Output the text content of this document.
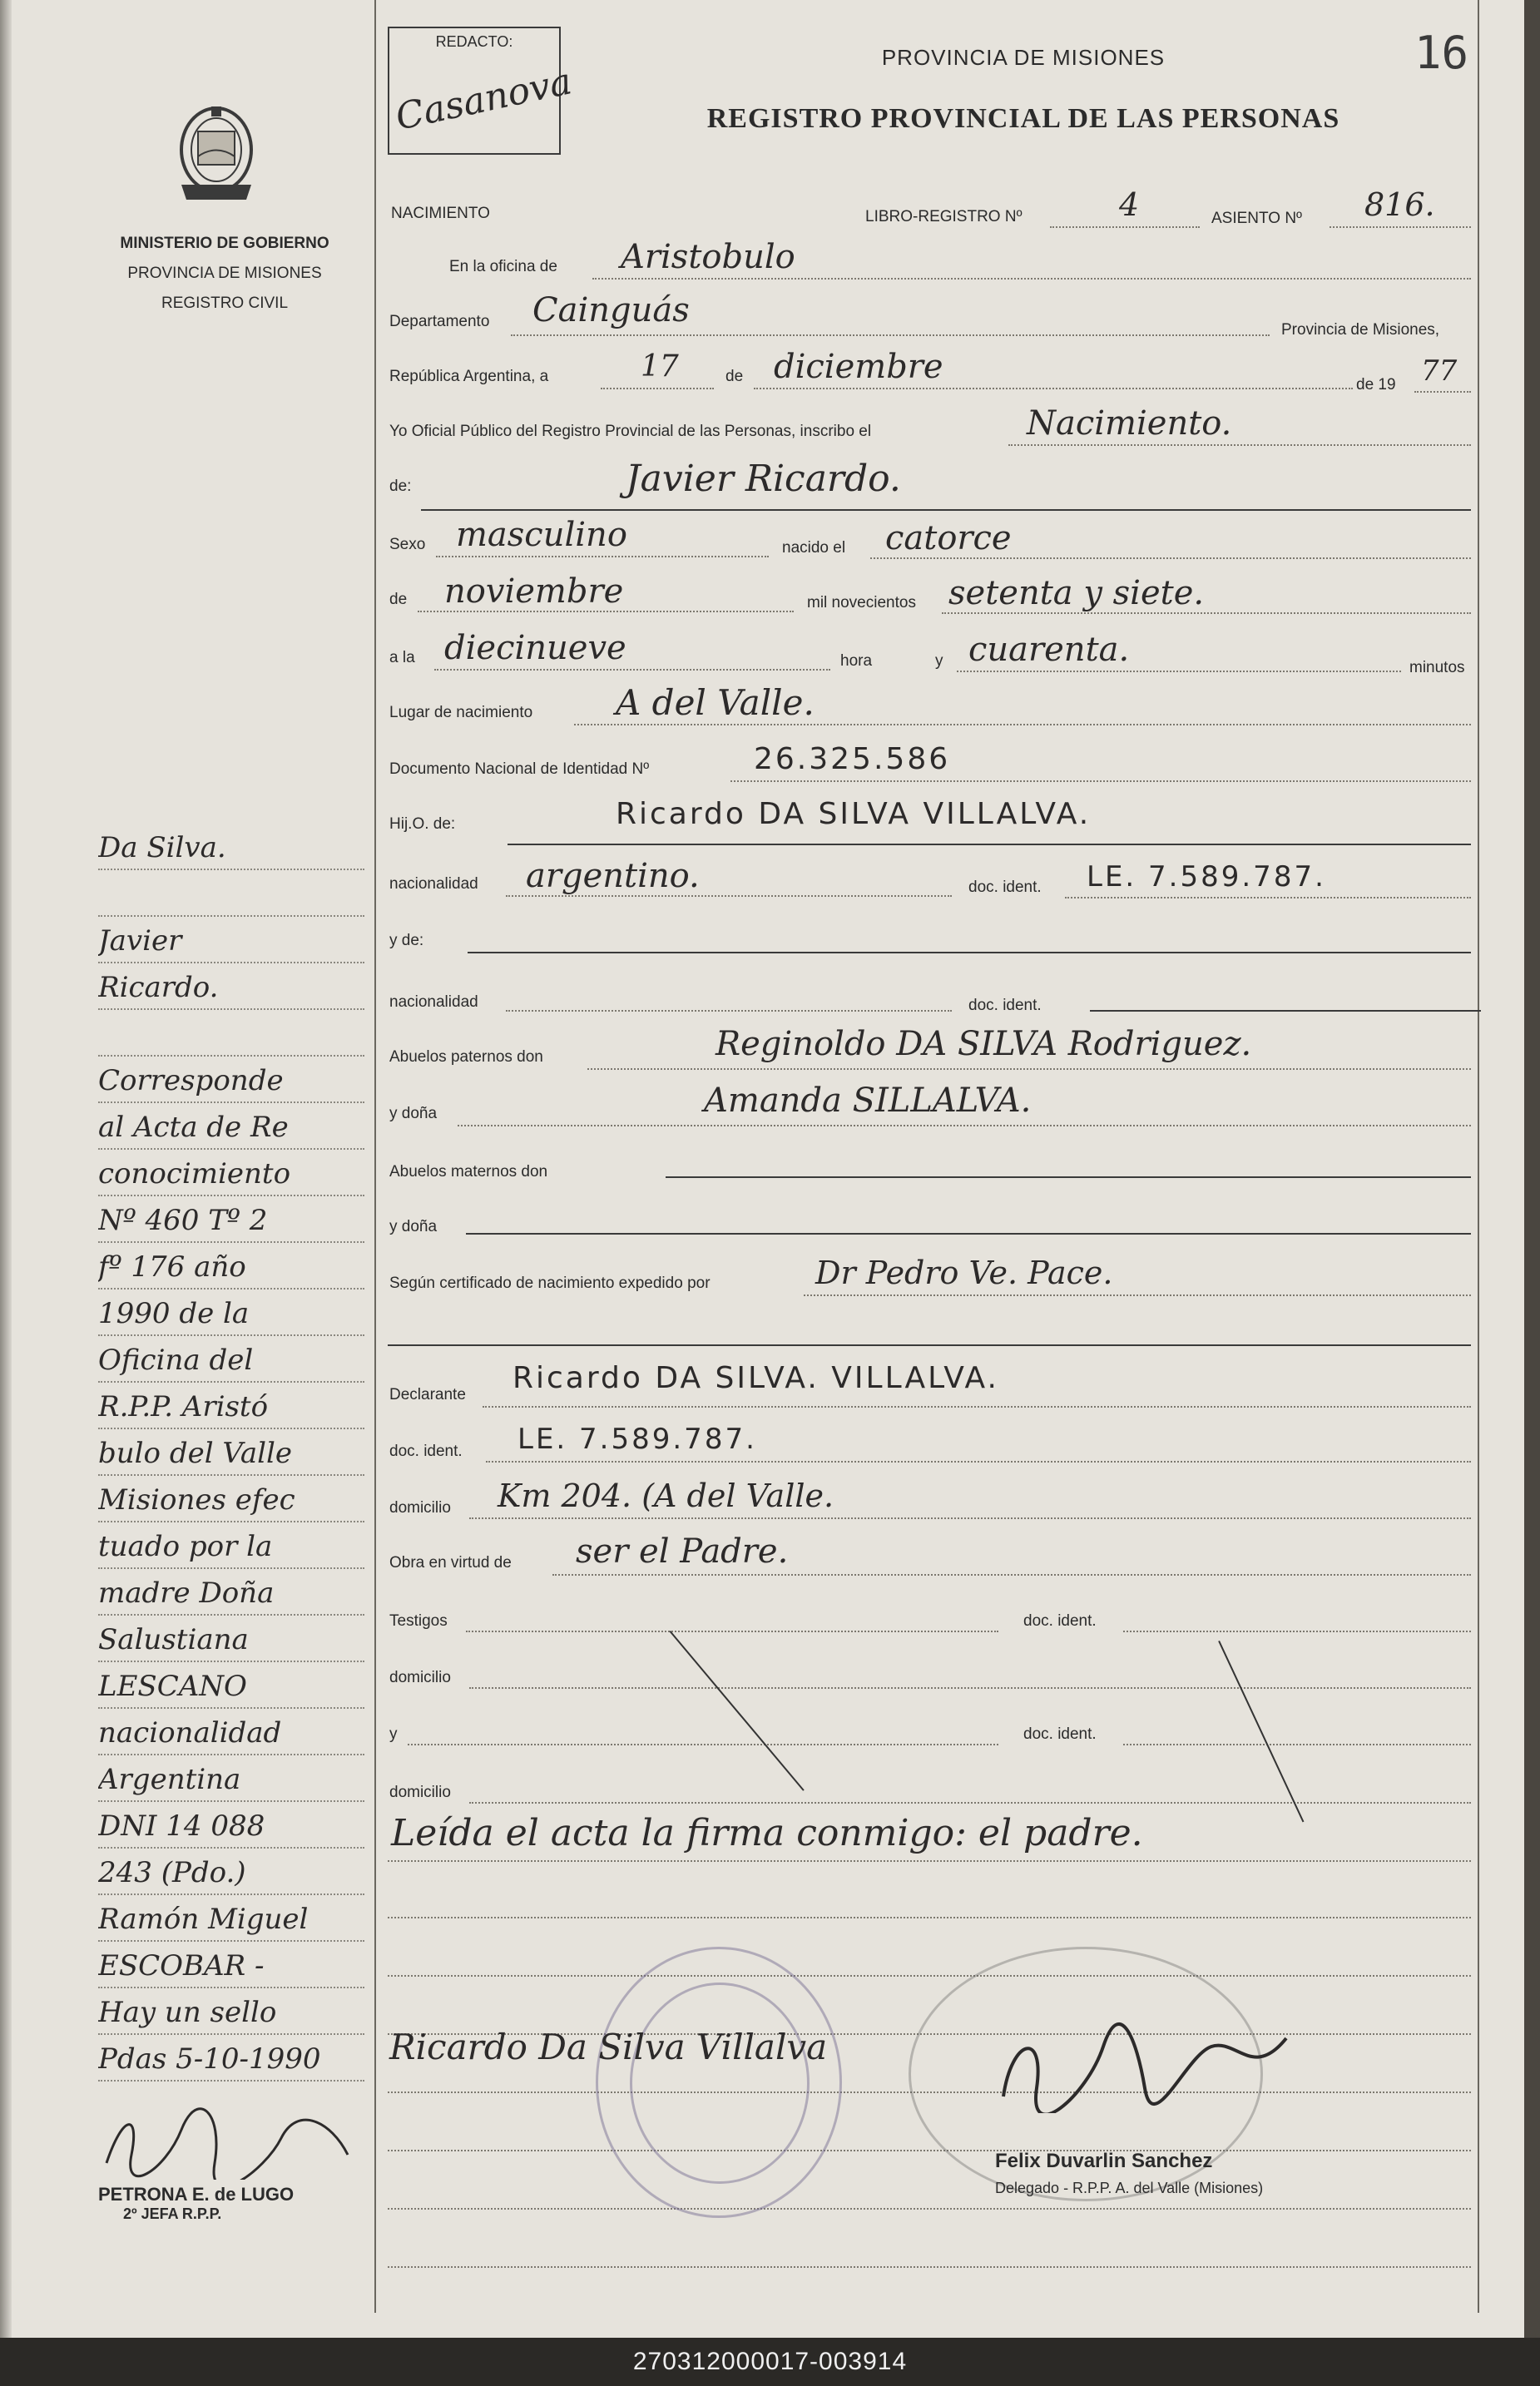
MINISTERIO DE GOBIERNO
PROVINCIA DE MISIONES
REGISTRO CIVIL
Da Silva.
Javier
Ricardo.
Corresponde
al Acta de Re
conocimiento
Nº 460 Tº 2
fº 176 año
1990 de la
Oficina del
R.P.P. Aristó
bulo del Valle
Misiones efec
tuado por la
madre Doña
Salustiana
LESCANO
nacionalidad
Argentina
DNI 14 088
243 (Pdo.)
Ramón Miguel
ESCOBAR -
Hay un sello
Pdas 5-10-1990
PETRONA E. de LUGO
2º JEFA R.P.P.
REDACTO:
Casanova
16
PROVINCIA DE MISIONES
REGISTRO PROVINCIAL DE LAS PERSONAS
NACIMIENTO	LIBRO-REGISTRO Nº	4	ASIENTO Nº 816.
En la oficina de Aristobulo
Departamento Cainguás
Provincia de Misiones,
República Argentina, a	17	de diciembre	de 19 77
Yo Oficial Público del Registro Provincial de las Personas, inscribo el	Nacimiento.
de:	Javier Ricardo.
Sexo masculino	nacido el catorce
de noviembre	mil novecientos setenta y siete.
a la diecinueve	hora	y cuarenta.	minutos
Lugar de nacimiento A del Valle.
Documento Nacional de Identidad Nº	26.325.586
Hij.O. de:	Ricardo DA SILVA VILLALVA.
nacionalidad argentino.	doc. ident. LE. 7.589.787.
y de:
nacionalidad	doc. ident.
Abuelos paternos don	Reginoldo DA SILVA Rodriguez.
y doña	Amanda SILLALVA.
Abuelos maternos don
y doña
Según certificado de nacimiento expedido por	Dr Pedro Ve. Pace.
Declarante Ricardo DA SILVA. VILLALVA.
doc. ident. LE. 7.589.787.
domicilio Km 204. (A del Valle.
Obra en virtud de ser el Padre.
Testigos	doc. ident.
domicilio
y	doc. ident.
domicilio
Leída el acta la firma conmigo: el padre.
Ricardo Da Silva Villalva
Felix Duvarlin Sanchez
Delegado - R.P.P. A. del Valle (Misiones)
270312000017-003914
